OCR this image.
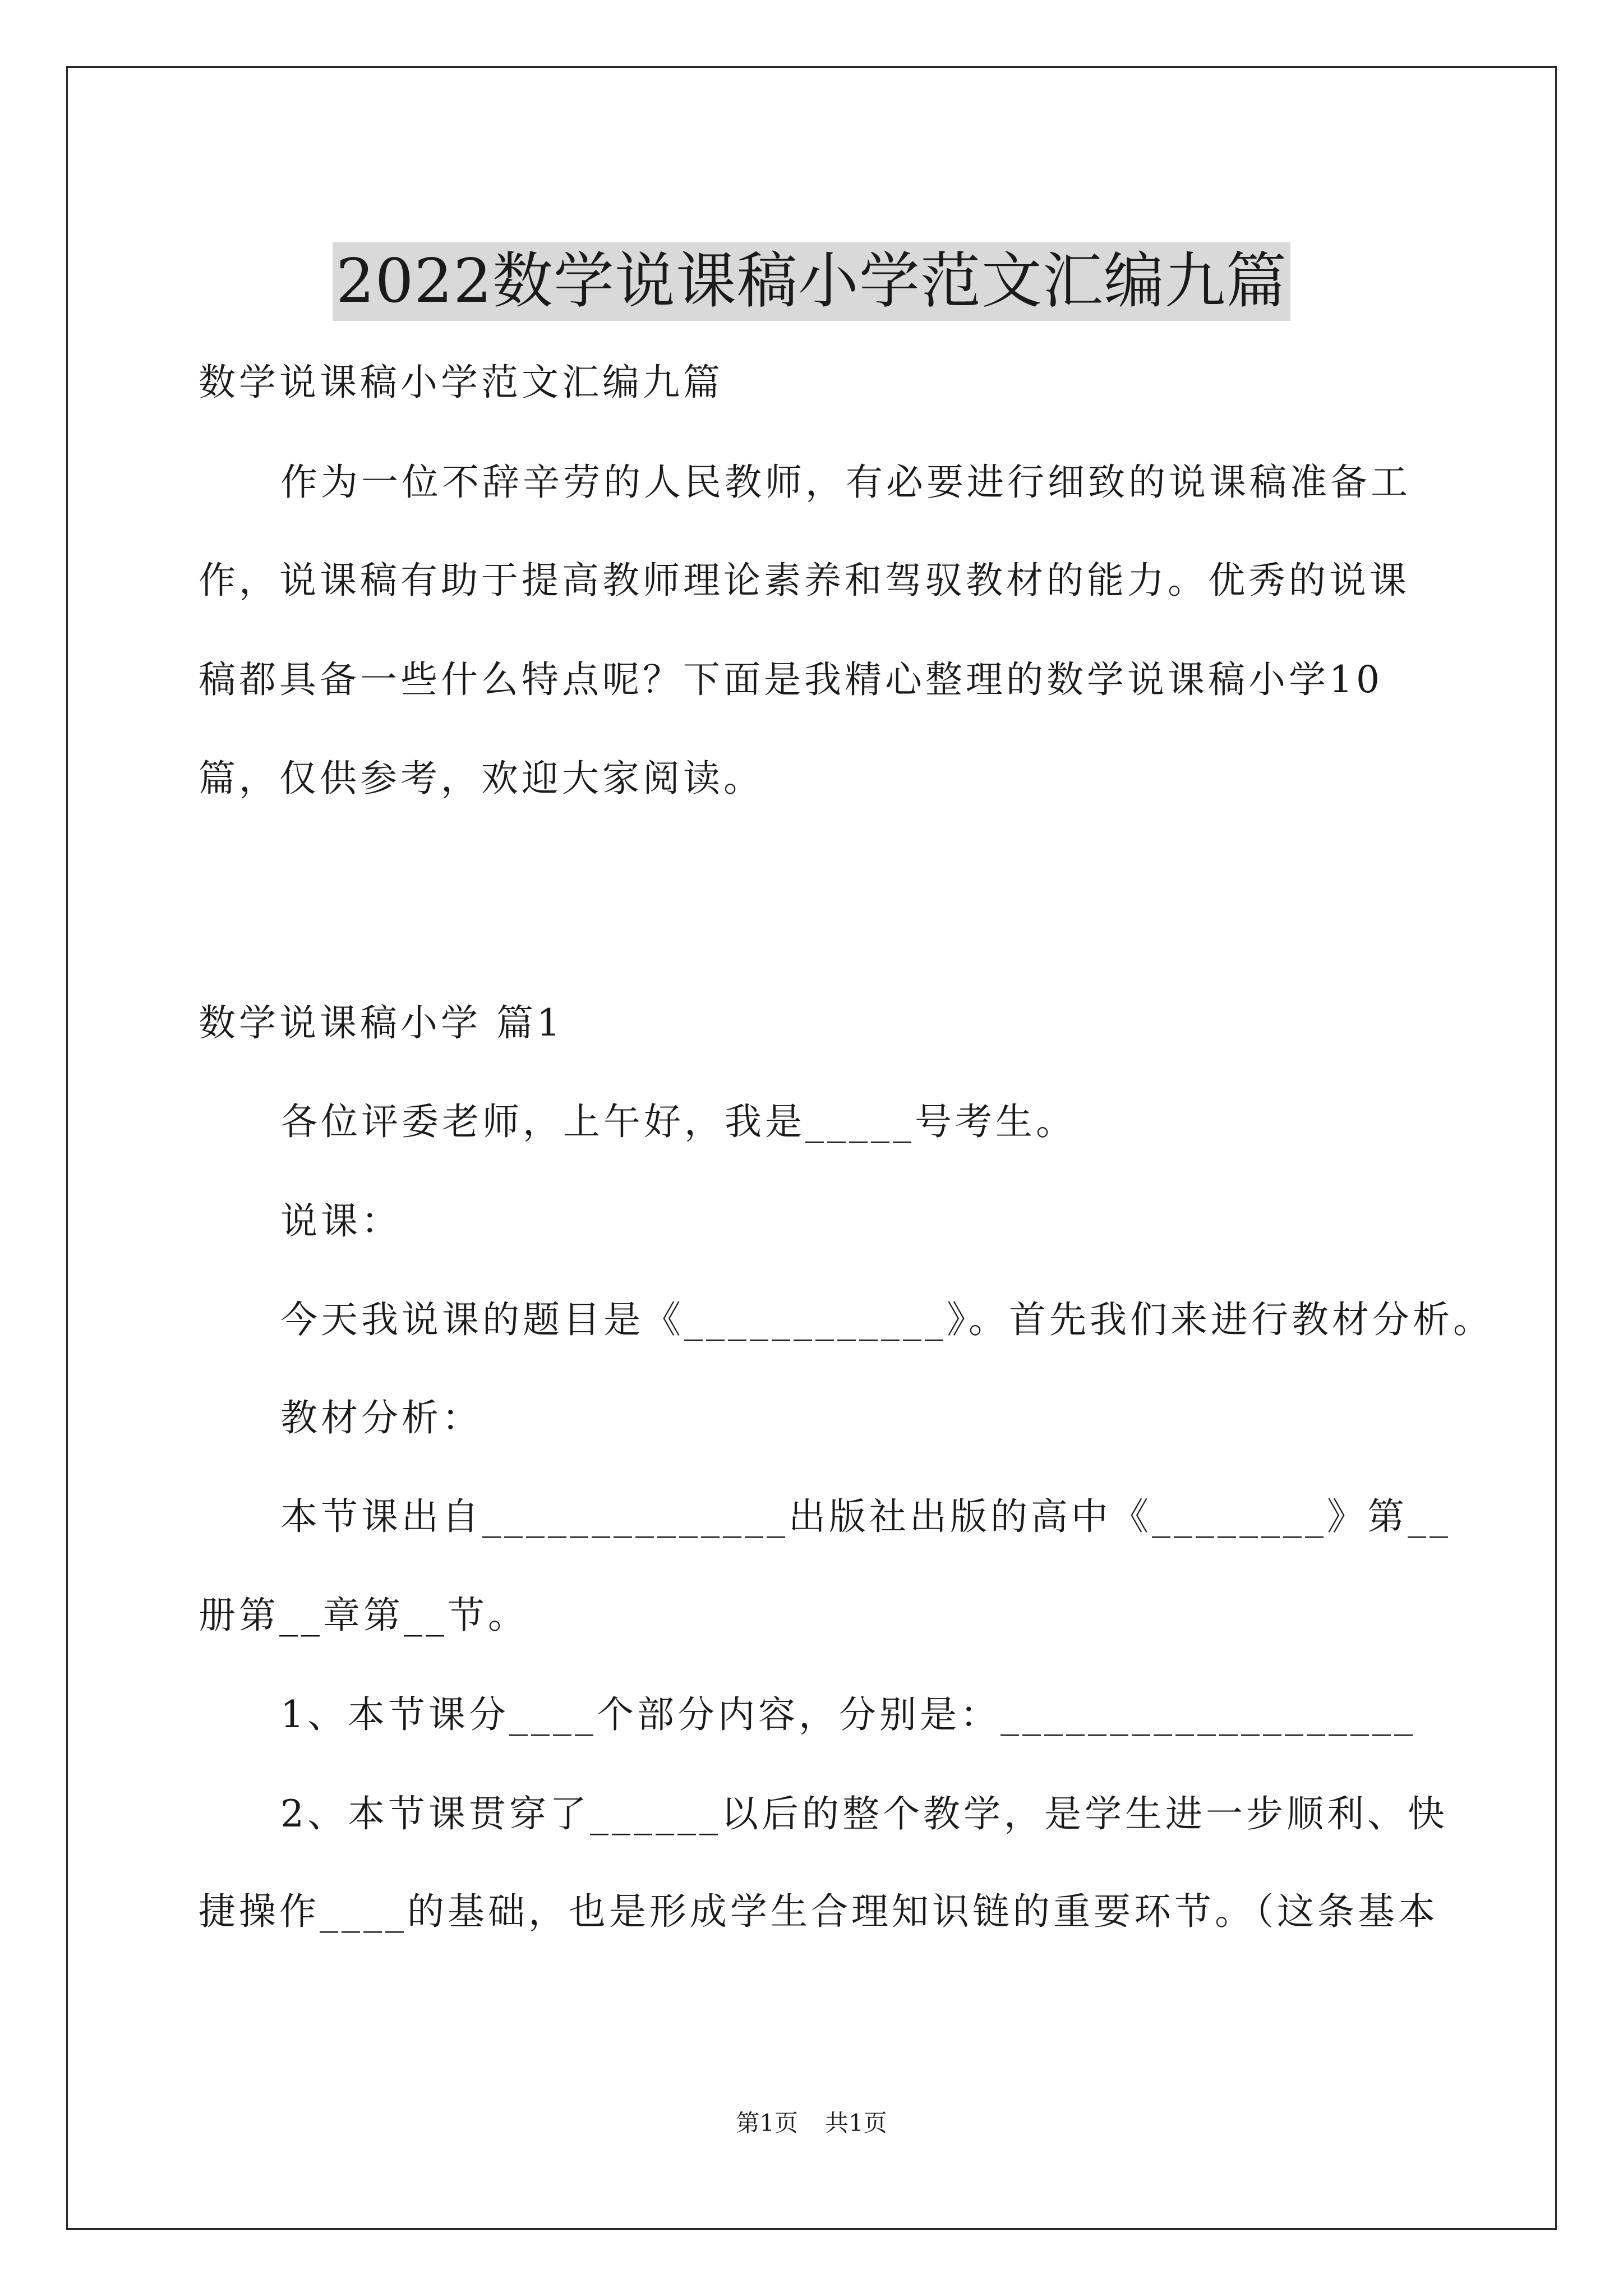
2022数学说课稿小学范文汇编九篇
数学说课稿小学范文汇编九篇
作为一位不辞辛劳的人民教师，有必要进行细致的说课稿准备工
作，说课稿有助于提高教师理论素养和驾驭教材的能力。优秀的说课
稿都具备一些什么特点呢？下面是我精心整理的数学说课稿小学10
篇，仅供参考，欢迎大家阅读。
数学说课稿小学 篇1
各位评委老师，上午好，我是_____号考生。
说课：
今天我说课的题目是《____________》。首先我们来进行教材分析。
教材分析：
本节课出自______________出版社出版的高中《________》第__
册第__章第__节。
1、本节课分____个部分内容，分别是：___________________
2、本节课贯穿了______以后的整个教学，是学生进一步顺利、快
捷操作____的基础，也是形成学生合理知识链的重要环节。（这条基本
第1页 共1页
